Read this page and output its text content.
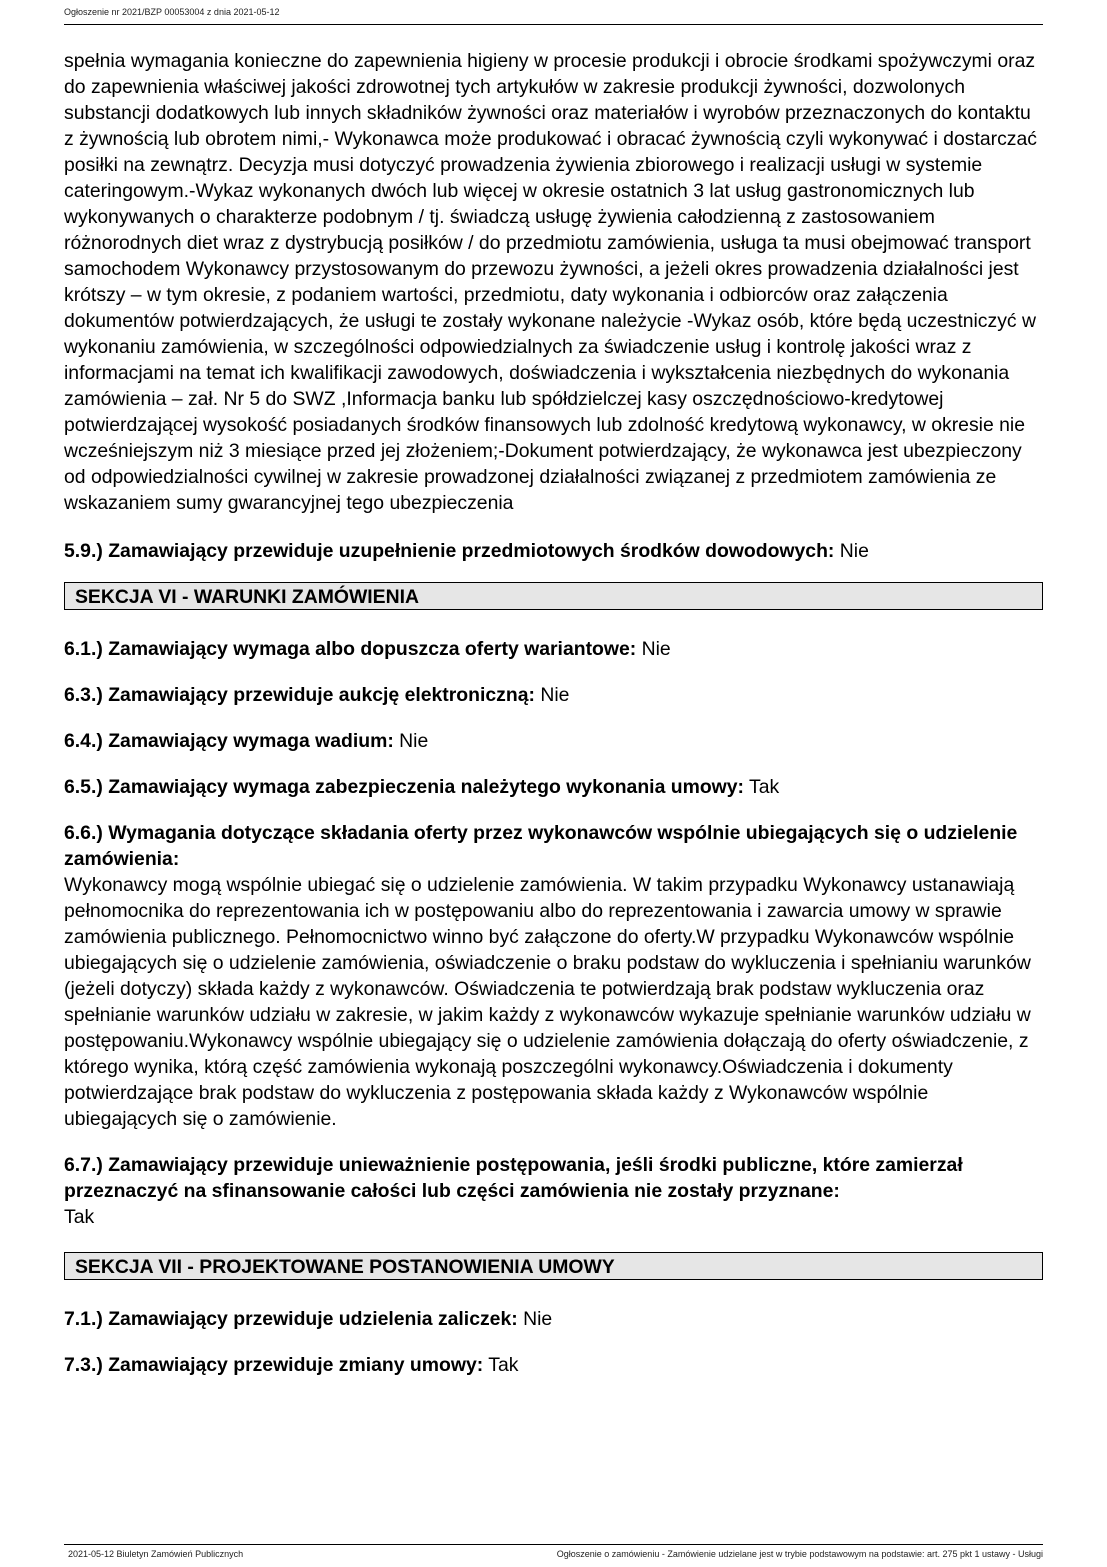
Ogłoszenie nr 2021/BZP 00053004 z dnia 2021-05-12

spełnia wymagania konieczne do zapewnienia higieny w procesie produkcji i obrocie środkami spożywczymi oraz do zapewnienia właściwej jakości zdrowotnej tych artykułów w zakresie produkcji żywności, dozwolonych substancji dodatkowych lub innych składników żywności oraz materiałów i wyrobów przeznaczonych do kontaktu z żywnością lub obrotem nimi,- Wykonawca może produkować i obracać żywnością czyli wykonywać i dostarczać posiłki na zewnątrz. Decyzja musi dotyczyć prowadzenia żywienia zbiorowego i realizacji usługi w systemie cateringowym.-Wykaz wykonanych dwóch lub więcej w okresie ostatnich 3 lat usług gastronomicznych lub wykonywanych o charakterze podobnym / tj. świadczą usługę żywienia całodzienną z zastosowaniem różnorodnych diet wraz z dystrybucją posiłków / do przedmiotu zamówienia, usługa ta musi obejmować transport samochodem Wykonawcy przystosowanym do przewozu żywności, a jeżeli okres prowadzenia działalności jest krótszy – w tym okresie, z podaniem wartości, przedmiotu, daty wykonania i odbiorców oraz załączenia dokumentów potwierdzających, że usługi te zostały wykonane należycie -Wykaz osób, które będą uczestniczyć w wykonaniu zamówienia, w szczególności odpowiedzialnych za świadczenie usług i kontrolę jakości wraz z informacjami na temat ich kwalifikacji zawodowych, doświadczenia i wykształcenia niezbędnych do wykonania zamówienia – zał. Nr 5 do SWZ ,Informacja banku lub spółdzielczej kasy oszczędnościowo-kredytowej potwierdzającej wysokość posiadanych środków finansowych lub zdolność kredytową wykonawcy, w okresie nie wcześniejszym niż 3 miesiące przed jej złożeniem;-Dokument potwierdzający, że wykonawca jest ubezpieczony od odpowiedzialności cywilnej w zakresie prowadzonej działalności związanej z przedmiotem zamówienia ze wskazaniem sumy gwarancyjnej tego ubezpieczenia

5.9.) Zamawiający przewiduje uzupełnienie przedmiotowych środków dowodowych: Nie

SEKCJA VI - WARUNKI ZAMÓWIENIA

6.1.) Zamawiający wymaga albo dopuszcza oferty wariantowe: Nie

6.3.) Zamawiający przewiduje aukcję elektroniczną: Nie

6.4.) Zamawiający wymaga wadium: Nie

6.5.) Zamawiający wymaga zabezpieczenia należytego wykonania umowy: Tak

6.6.) Wymagania dotyczące składania oferty przez wykonawców wspólnie ubiegających się o udzielenie zamówienia:
Wykonawcy mogą wspólnie ubiegać się o udzielenie zamówienia. W takim przypadku Wykonawcy ustanawiają pełnomocnika do reprezentowania ich w postępowaniu albo do reprezentowania i zawarcia umowy w sprawie zamówienia publicznego. Pełnomocnictwo winno być załączone do oferty.W przypadku Wykonawców wspólnie ubiegających się o udzielenie zamówienia, oświadczenie o braku podstaw do wykluczenia i spełnianiu warunków (jeżeli dotyczy) składa każdy z wykonawców. Oświadczenia te potwierdzają brak podstaw wykluczenia oraz spełnianie warunków udziału w zakresie, w jakim każdy z wykonawców wykazuje spełnianie warunków udziału w postępowaniu.Wykonawcy wspólnie ubiegający się o udzielenie zamówienia dołączają do oferty oświadczenie, z którego wynika, którą część zamówienia wykonają poszczególni wykonawcy.Oświadczenia i dokumenty potwierdzające brak podstaw do wykluczenia z postępowania składa każdy z Wykonawców wspólnie ubiegających się o zamówienie.
6.7.) Zamawiający przewiduje unieważnienie postępowania, jeśli środki publiczne, które zamierzał przeznaczyć na sfinansowanie całości lub części zamówienia nie zostały przyznane:
Tak
SEKCJA VII - PROJEKTOWANE POSTANOWIENIA UMOWY

7.1.) Zamawiający przewiduje udzielenia zaliczek: Nie

7.3.) Zamawiający przewiduje zmiany umowy: Tak

2021-05-12 Biuletyn Zamówień Publicznych	Ogłoszenie o zamówieniu - Zamówienie udzielane jest w trybie podstawowym na podstawie: art. 275 pkt 1 ustawy - Usługi
